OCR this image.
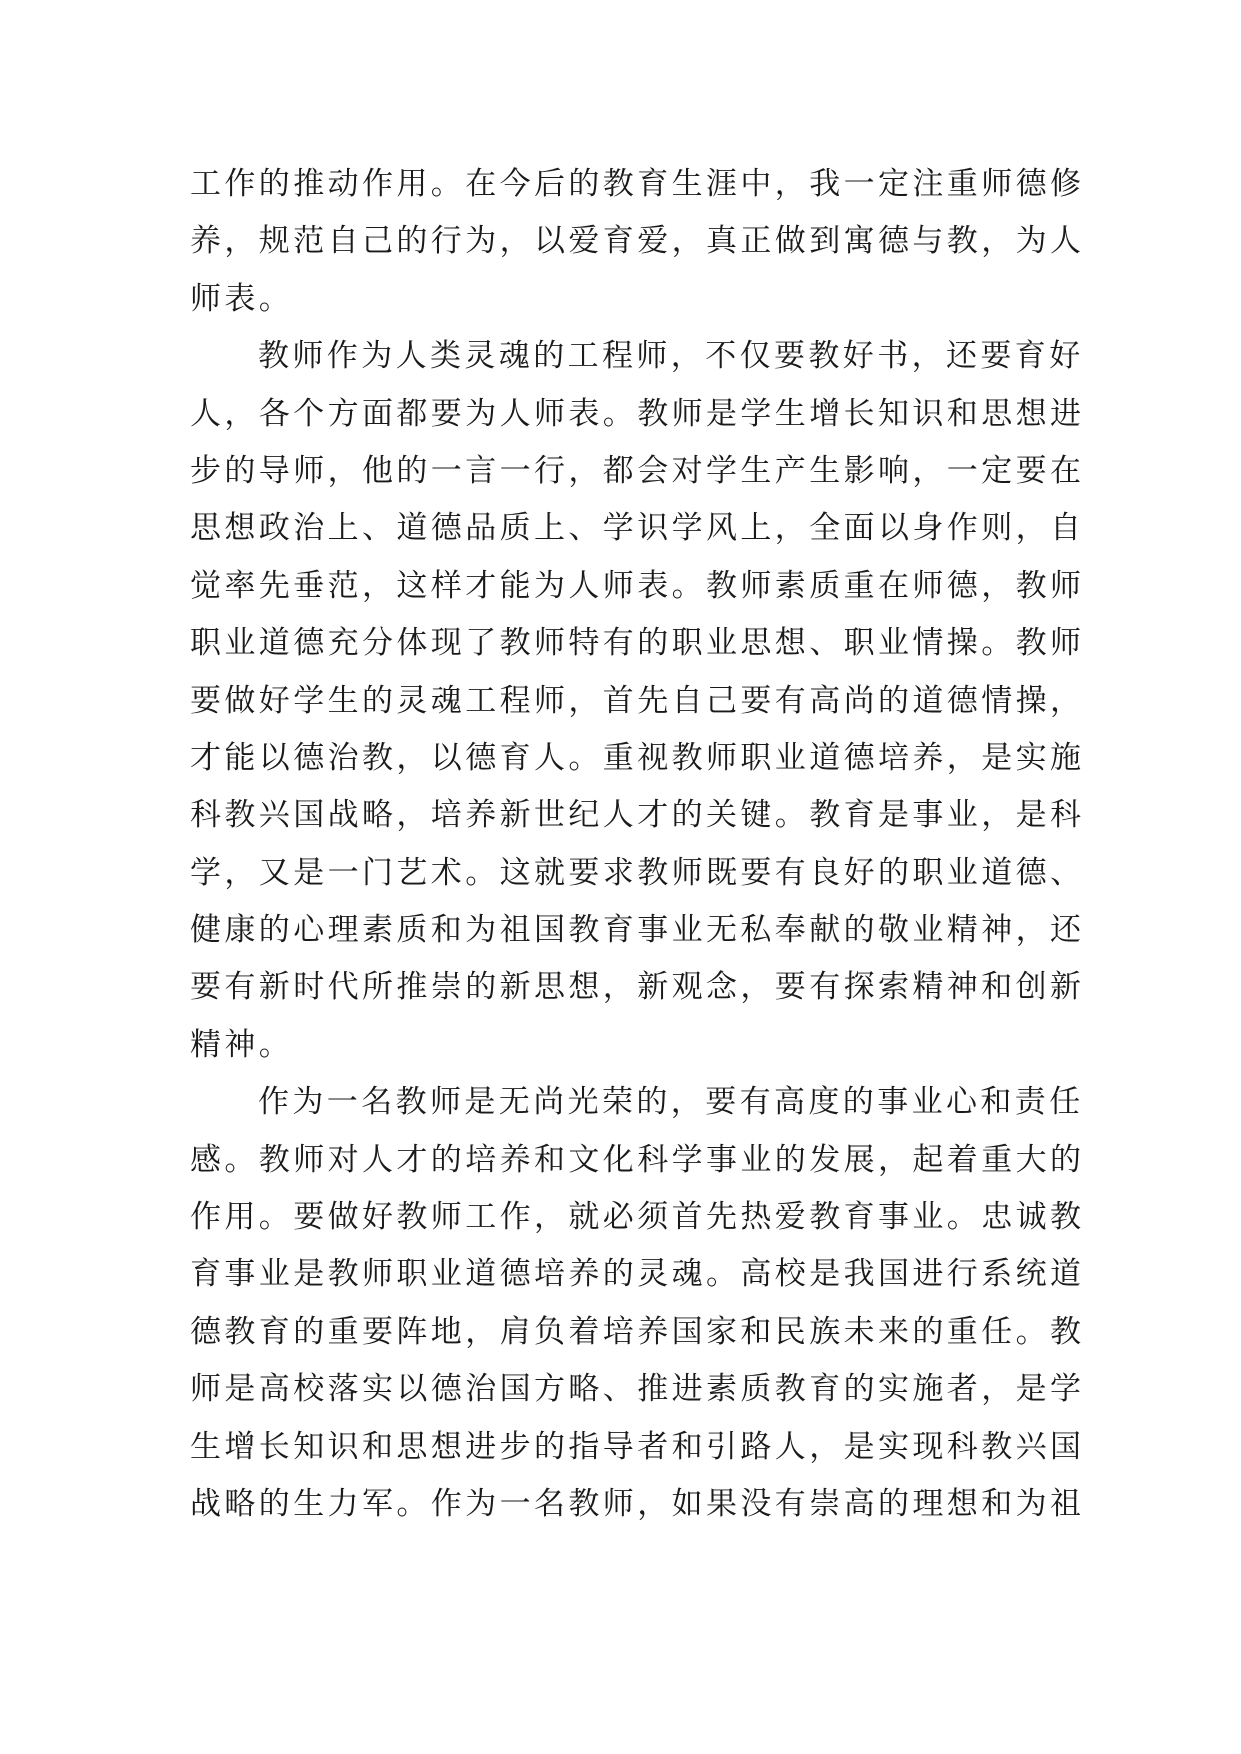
工作的推动作用。在今后的教育生涯中，我一定注重师德修
养，规范自己的行为，以爱育爱，真正做到寓德与教，为人
师表。
教师作为人类灵魂的工程师，不仅要教好书，还要育好
人，各个方面都要为人师表。教师是学生增长知识和思想进
步的导师，他的一言一行，都会对学生产生影响，一定要在
思想政治上、道德品质上、学识学风上，全面以身作则，自
觉率先垂范，这样才能为人师表。教师素质重在师德，教师
职业道德充分体现了教师特有的职业思想、职业情操。教师
要做好学生的灵魂工程师，首先自己要有高尚的道德情操，
才能以德治教，以德育人。重视教师职业道德培养，是实施
科教兴国战略，培养新世纪人才的关键。教育是事业，是科
学，又是一门艺术。这就要求教师既要有良好的职业道德、
健康的心理素质和为祖国教育事业无私奉献的敬业精神，还
要有新时代所推崇的新思想，新观念，要有探索精神和创新
精神。
作为一名教师是无尚光荣的，要有高度的事业心和责任
感。教师对人才的培养和文化科学事业的发展，起着重大的
作用。要做好教师工作，就必须首先热爱教育事业。忠诚教
育事业是教师职业道德培养的灵魂。高校是我国进行系统道
德教育的重要阵地，肩负着培养国家和民族未来的重任。教
师是高校落实以德治国方略、推进素质教育的实施者，是学
生增长知识和思想进步的指导者和引路人，是实现科教兴国
战略的生力军。作为一名教师，如果没有崇高的理想和为祖
